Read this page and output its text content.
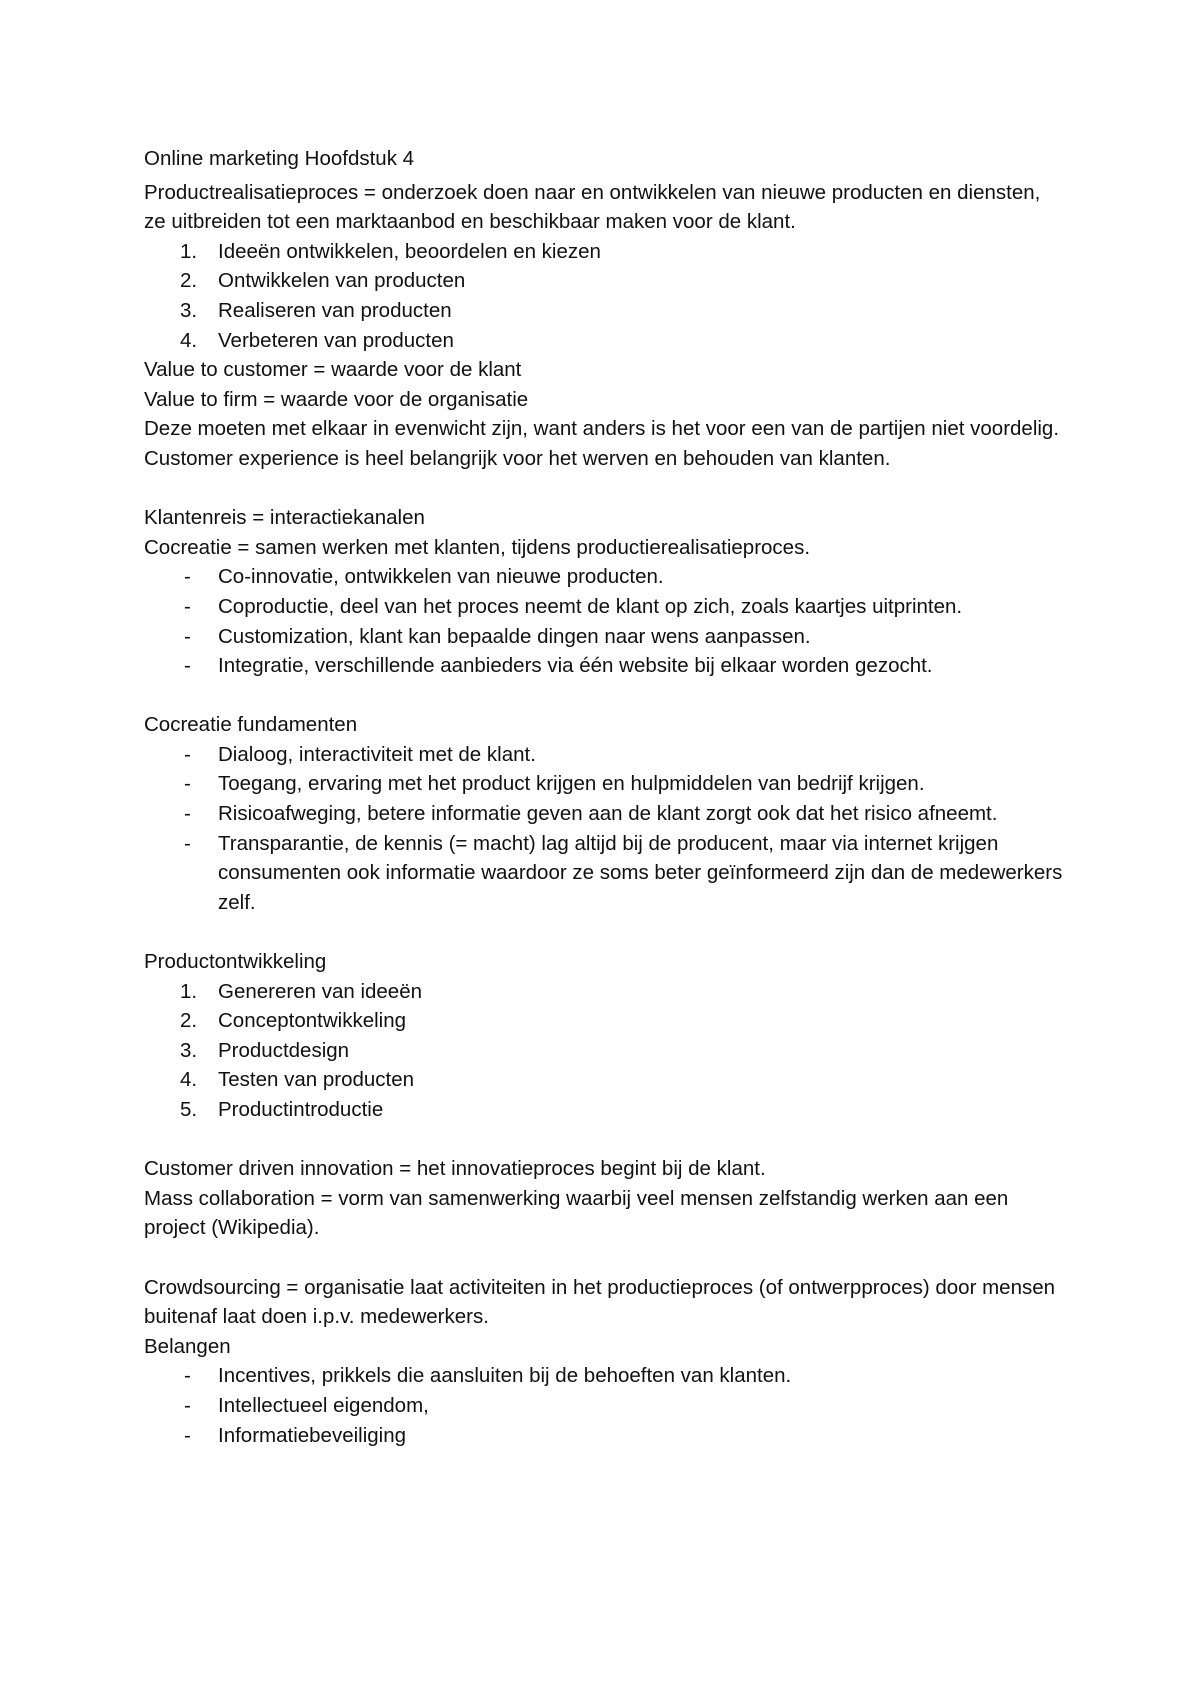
Online marketing Hoofdstuk 4

Productrealisatieproces = onderzoek doen naar en ontwikkelen van nieuwe producten en diensten, ze uitbreiden tot een marktaanbod en beschikbaar maken voor de klant.

1.	Ideeën ontwikkelen, beoordelen en kiezen
2.	Ontwikkelen van producten
3.	Realiseren van producten
4.	Verbeteren van producten

Value to customer = waarde voor de klant

Value to firm = waarde voor de organisatie

Deze moeten met elkaar in evenwicht zijn, want anders is het voor een van de partijen niet voordelig.

Customer experience is heel belangrijk voor het werven en behouden van klanten.

Klantenreis = interactiekanalen

Cocreatie = samen werken met klanten, tijdens productierealisatieproces.

-	Co-innovatie, ontwikkelen van nieuwe producten.
-	Coproductie, deel van het proces neemt de klant op zich, zoals kaartjes uitprinten.
-	Customization, klant kan bepaalde dingen naar wens aanpassen.
-	Integratie, verschillende aanbieders via één website bij elkaar worden gezocht.

Cocreatie fundamenten

-	Dialoog, interactiviteit met de klant.
-	Toegang, ervaring met het product krijgen en hulpmiddelen van bedrijf krijgen.
-	Risicoafweging, betere informatie geven aan de klant zorgt ook dat het risico afneemt.
-	Transparantie, de kennis (= macht) lag altijd bij de producent, maar via internet krijgen consumenten ook informatie waardoor ze soms beter geïnformeerd zijn dan de medewerkers zelf.

Productontwikkeling

1.	Genereren van ideeën
2.	Conceptontwikkeling
3.	Productdesign
4.	Testen van producten
5.	Productintroductie

Customer driven innovation = het innovatieproces begint bij de klant.

Mass collaboration = vorm van samenwerking waarbij veel mensen zelfstandig werken aan een project (Wikipedia).

Crowdsourcing = organisatie laat activiteiten in het productieproces (of ontwerpproces) door mensen buitenaf laat doen i.p.v. medewerkers.

Belangen

-	Incentives, prikkels die aansluiten bij de behoeften van klanten.
-	Intellectueel eigendom,
-	Informatiebeveiliging
